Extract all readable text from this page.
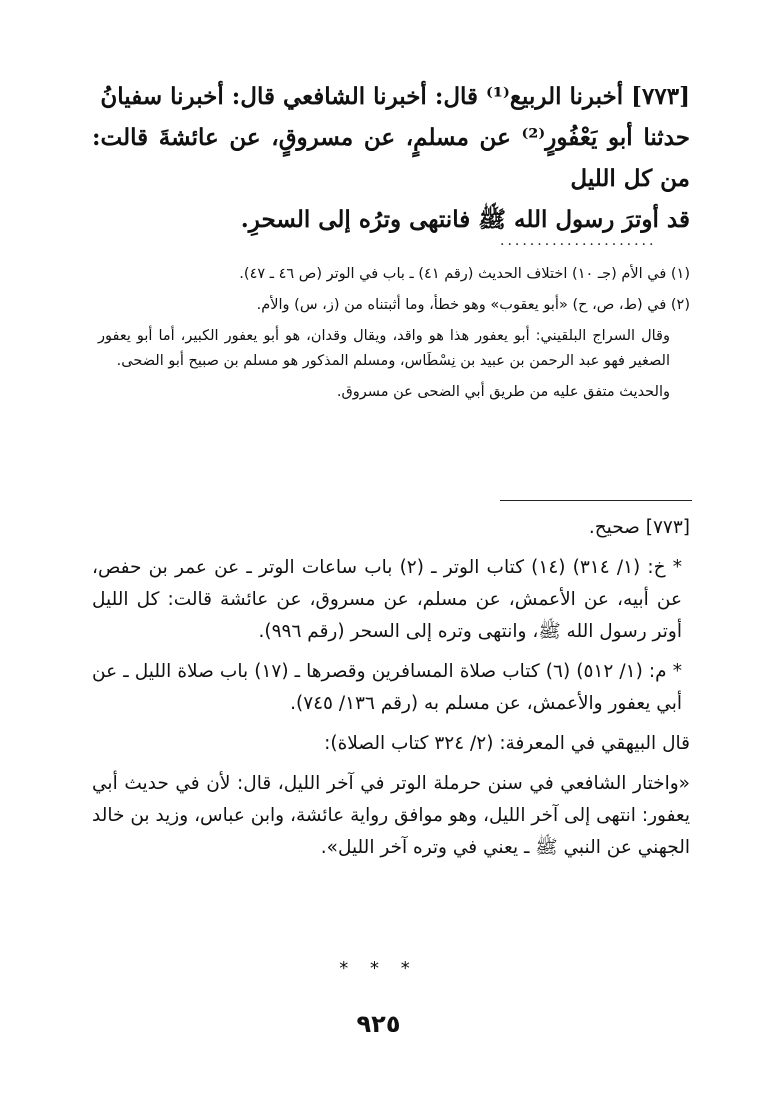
[٧٧٣] أخبرنا الربيع⁽¹⁾ قال: أخبرنا الشافعي قال: أخبرنا سفيانُ

حدثنا أبو يَعْفُورٍ⁽²⁾ عن مسلمٍ، عن مسروقٍ، عن عائشةَ قالت: من كل الليل

قد أوترَ رسول الله ﷺ فانتهى وترُه إلى السحرِ.

.....................

(١) في الأم (جـ ١٠) اختلاف الحديث (رقم ٤١) ـ باب في الوتر (ص ٤٦ ـ ٤٧).

(٢) في (ط، ص، ح) «أبو يعقوب» وهو خطأ، وما أثبتناه من (ز، س) والأم.

وقال السراج البلقيني: أبو يعفور هذا هو واقد، ويقال وقدان، هو أبو يعفور الكبير، أما أبو يعفور الصغير فهو عبد الرحمن بن عبيد بن نِسْطَاس، ومسلم المذكور هو مسلم بن صبيح أبو الضحى.

والحديث متفق عليه من طريق أبي الضحى عن مسروق.

[٧٧٣] صحيح.

* خ: (١/ ٣١٤) (١٤) كتاب الوتر ـ (٢) باب ساعات الوتر ـ عن عمر بن حفص، عن أبيه، عن الأعمش، عن مسلم، عن مسروق، عن عائشة قالت: كل الليل أوتر رسول الله ﷺ، وانتهى وتره إلى السحر (رقم ٩٩٦).

* م: (١/ ٥١٢) (٦) كتاب صلاة المسافرين وقصرها ـ (١٧) باب صلاة الليل ـ عن أبي يعفور والأعمش، عن مسلم به (رقم ١٣٦/ ٧٤٥).

قال البيهقي في المعرفة: (٢/ ٣٢٤ كتاب الصلاة):

«واختار الشافعي في سنن حرملة الوتر في آخر الليل، قال: لأن في حديث أبي يعفور: انتهى إلى آخر الليل، وهو موافق رواية عائشة، وابن عباس، وزيد بن خالد الجهني عن النبي ﷺ ـ يعني في وتره آخر الليل».

* * *
٩٢٥
